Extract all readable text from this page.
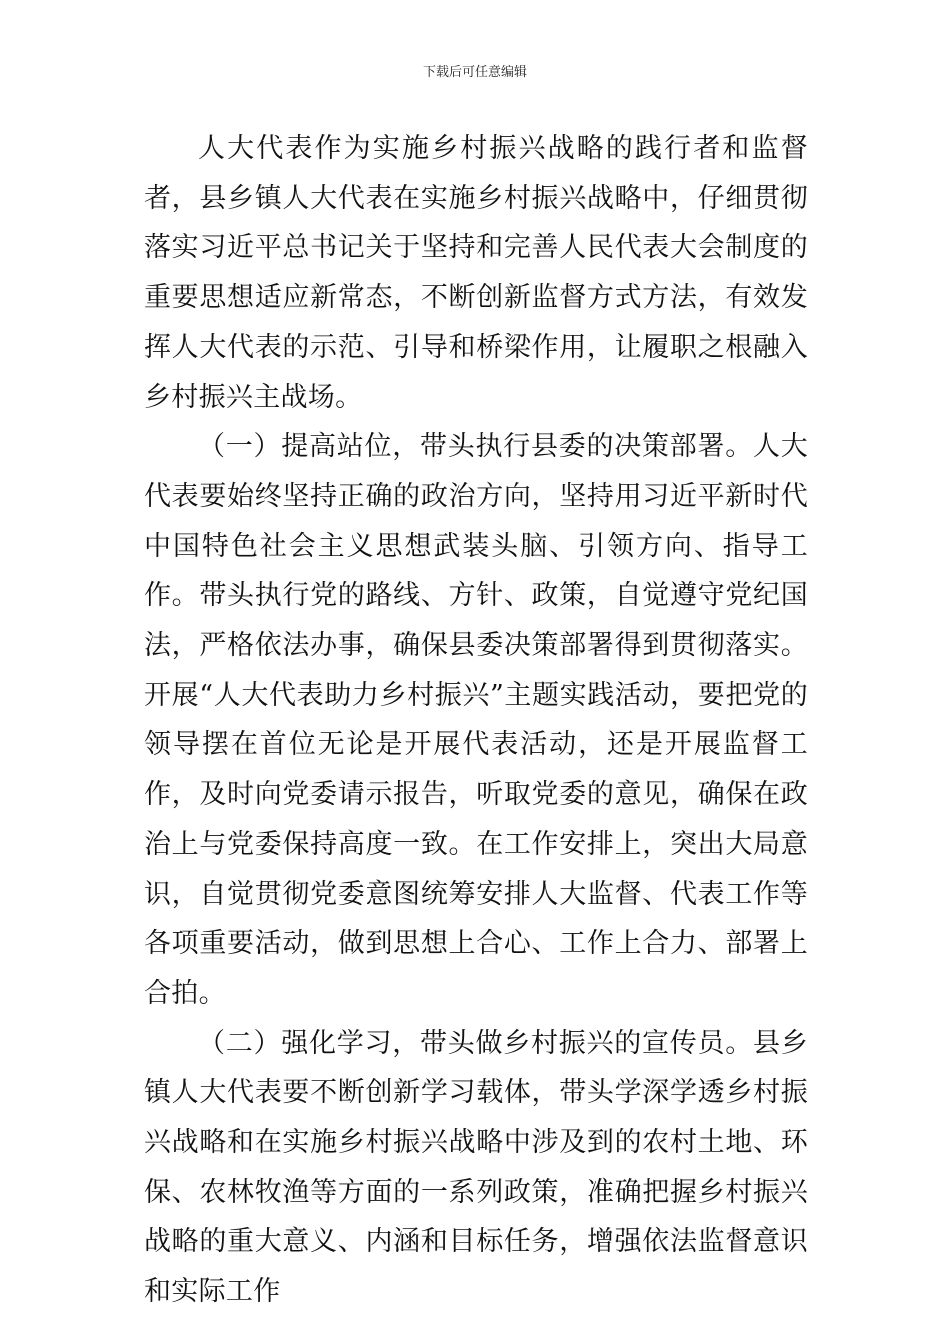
下载后可任意编辑

人大代表作为实施乡村振兴战略的践行者和监督者，县乡镇人大代表在实施乡村振兴战略中，仔细贯彻落实习近平总书记关于坚持和完善人民代表大会制度的重要思想适应新常态，不断创新监督方式方法，有效发挥人大代表的示范、引导和桥梁作用，让履职之根融入乡村振兴主战场。

（一）提高站位，带头执行县委的决策部署。人大代表要始终坚持正确的政治方向，坚持用习近平新时代中国特色社会主义思想武装头脑、引领方向、指导工作。带头执行党的路线、方针、政策，自觉遵守党纪国法，严格依法办事，确保县委决策部署得到贯彻落实。开展“人大代表助力乡村振兴”主题实践活动，要把党的领导摆在首位无论是开展代表活动，还是开展监督工作，及时向党委请示报告，听取党委的意见，确保在政治上与党委保持高度一致。在工作安排上，突出大局意识，自觉贯彻党委意图统筹安排人大监督、代表工作等各项重要活动，做到思想上合心、工作上合力、部署上合拍。

（二）强化学习，带头做乡村振兴的宣传员。县乡镇人大代表要不断创新学习载体，带头学深学透乡村振兴战略和在实施乡村振兴战略中涉及到的农村土地、环保、农林牧渔等方面的一系列政策，准确把握乡村振兴战略的重大意义、内涵和目标任务，增强依法监督意识和实际工作
